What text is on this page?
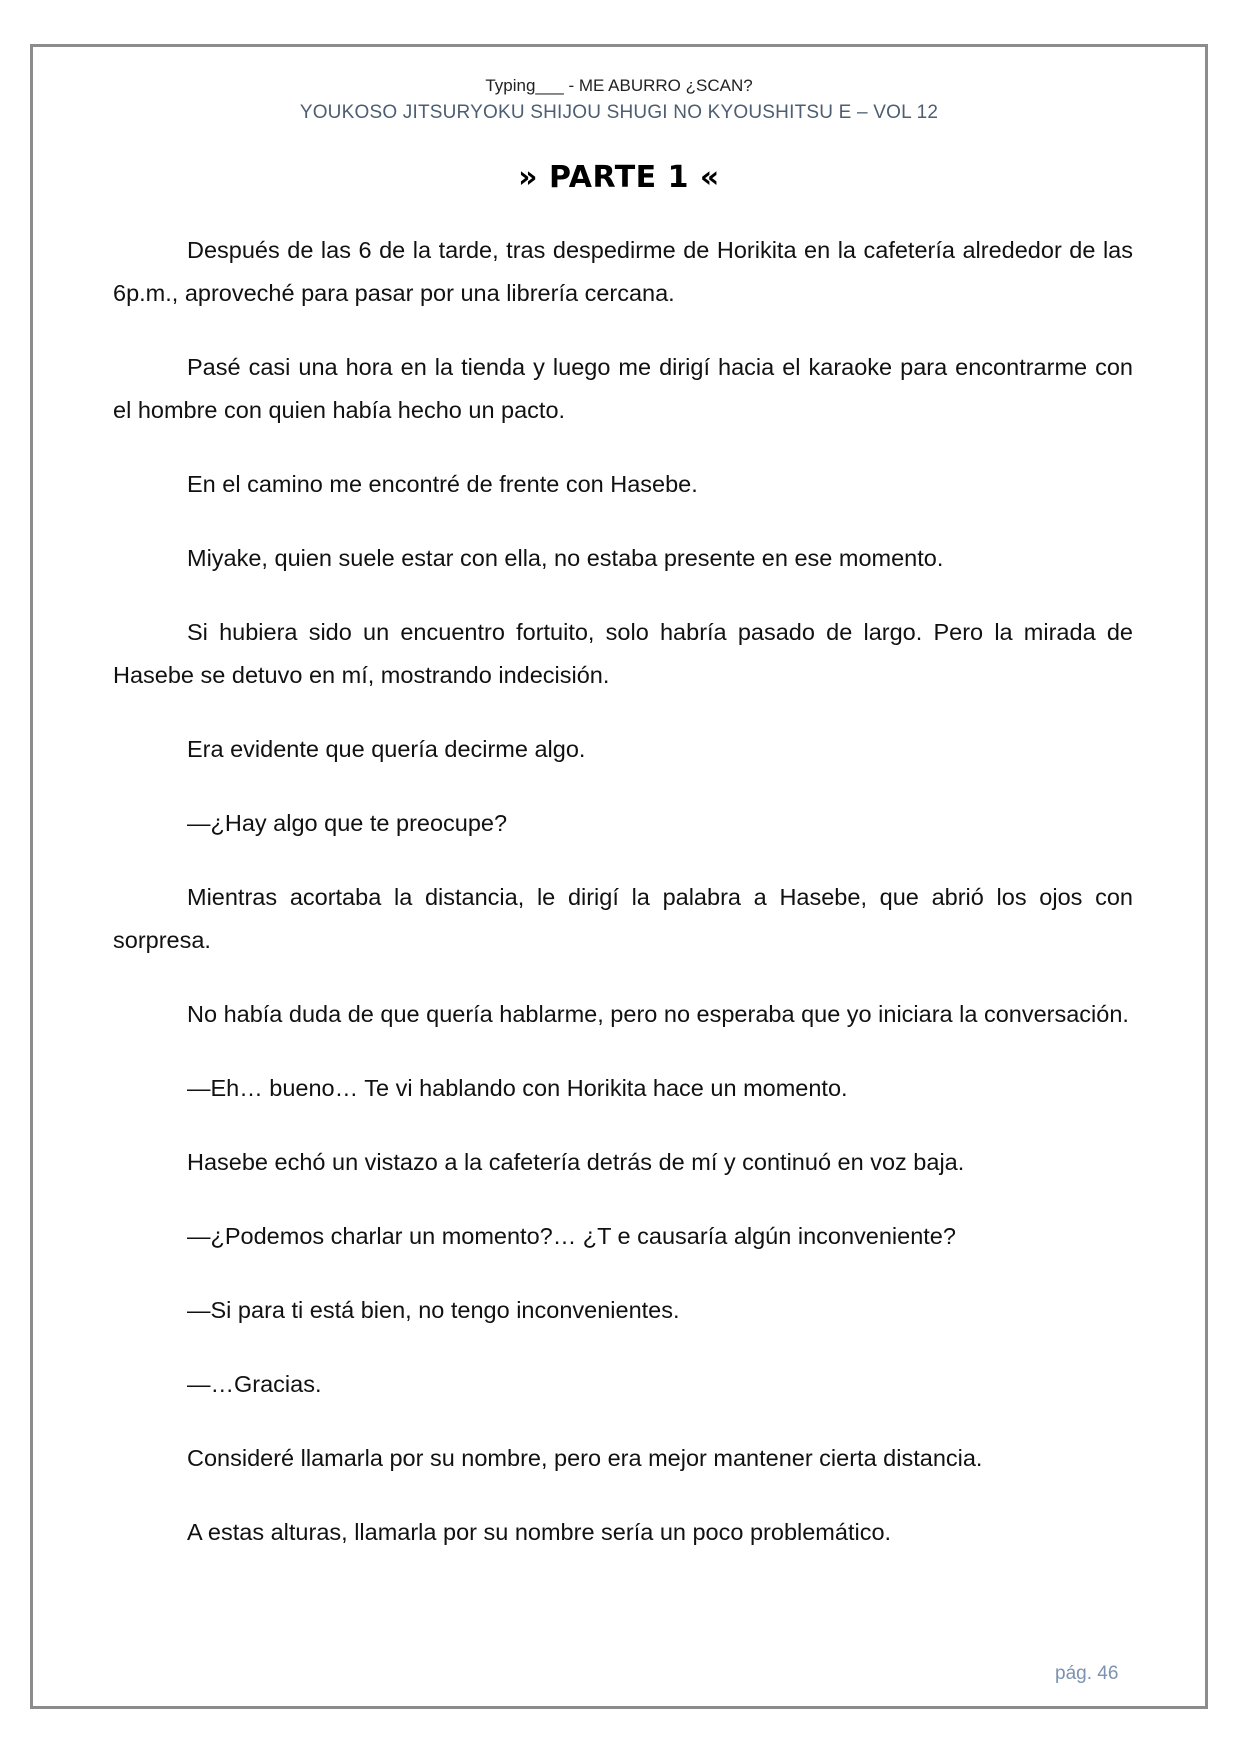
Typing___ - ME ABURRO ¿SCAN?
YOUKOSO JITSURYOKU SHIJOU SHUGI NO KYOUSHITSU E – VOL 12
» PARTE 1 «

Después de las 6 de la tarde, tras despedirme de Horikita en la cafetería alrededor de las 6p.m., aproveché para pasar por una librería cercana.

Pasé casi una hora en la tienda y luego me dirigí hacia el karaoke para encontrarme con el hombre con quien había hecho un pacto.

En el camino me encontré de frente con Hasebe.

Miyake, quien suele estar con ella, no estaba presente en ese momento.

Si hubiera sido un encuentro fortuito, solo habría pasado de largo. Pero la mirada de Hasebe se detuvo en mí, mostrando indecisión.

Era evidente que quería decirme algo.

—¿Hay algo que te preocupe?

Mientras acortaba la distancia, le dirigí la palabra a Hasebe, que abrió los ojos con sorpresa.

No había duda de que quería hablarme, pero no esperaba que yo iniciara la conversación.

—Eh… bueno… Te vi hablando con Horikita hace un momento.

Hasebe echó un vistazo a la cafetería detrás de mí y continuó en voz baja.

—¿Podemos charlar un momento?… ¿T e causaría algún inconveniente?

—Si para ti está bien, no tengo inconvenientes.

—…Gracias.

Consideré llamarla por su nombre, pero era mejor mantener cierta distancia.

A estas alturas, llamarla por su nombre sería un poco problemático.

pág. 46
